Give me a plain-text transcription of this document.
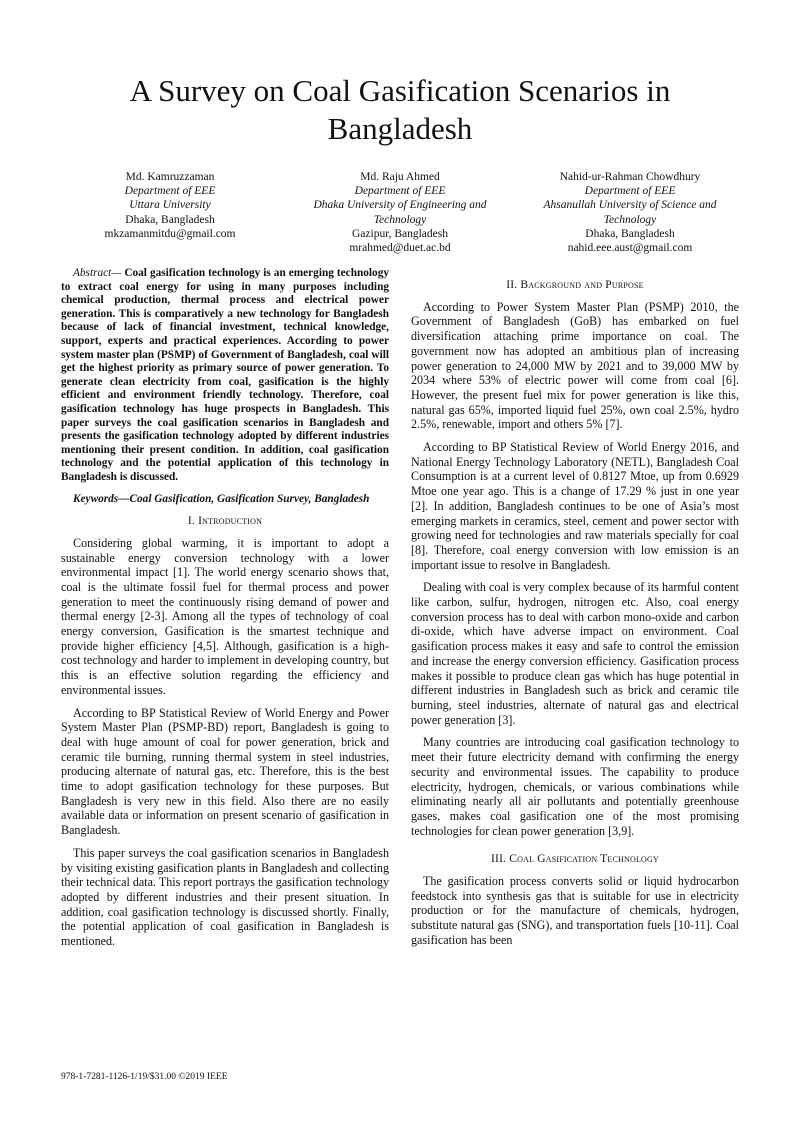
A Survey on Coal Gasification Scenarios in Bangladesh
Md. Kamruzzaman
Department of EEE
Uttara University
Dhaka, Bangladesh
mkzamanmitdu@gmail.com
Md. Raju Ahmed
Department of EEE
Dhaka University of Engineering and Technology
Gazipur, Bangladesh
mrahmed@duet.ac.bd
Nahid-ur-Rahman Chowdhury
Department of EEE
Ahsanullah University of Science and Technology
Dhaka, Bangladesh
nahid.eee.aust@gmail.com

Abstract— Coal gasification technology is an emerging technology to extract coal energy for using in many purposes including chemical production, thermal process and electrical power generation. This is comparatively a new technology for Bangladesh because of lack of financial investment, technical knowledge, support, experts and practical experiences. According to power system master plan (PSMP) of Government of Bangladesh, coal will get the highest priority as primary source of power generation. To generate clean electricity from coal, gasification is the highly efficient and environment friendly technology. Therefore, coal gasification technology has huge prospects in Bangladesh. This paper surveys the coal gasification scenarios in Bangladesh and presents the gasification technology adopted by different industries mentioning their present condition. In addition, coal gasification technology and the potential application of this technology in Bangladesh is discussed.

Keywords—Coal Gasification, Gasification Survey, Bangladesh

I. Introduction

Considering global warming, it is important to adopt a sustainable energy conversion technology with a lower environmental impact [1]. The world energy scenario shows that, coal is the ultimate fossil fuel for thermal process and power generation to meet the continuously rising demand of power and thermal energy [2-3]. Among all the types of technology of coal energy conversion, Gasification is the smartest technique and provide higher efficiency [4,5]. Although, gasification is a high-cost technology and harder to implement in developing country, but this is an effective solution regarding the efficiency and environmental issues.

According to BP Statistical Review of World Energy and Power System Master Plan (PSMP-BD) report, Bangladesh is going to deal with huge amount of coal for power generation, brick and ceramic tile burning, running thermal system in steel industries, producing alternate of natural gas, etc. Therefore, this is the best time to adopt gasification technology for these purposes. But Bangladesh is very new in this field. Also there are no easily available data or information on present scenario of gasification in Bangladesh.

This paper surveys the coal gasification scenarios in Bangladesh by visiting existing gasification plants in Bangladesh and collecting their technical data. This report portrays the gasification technology adopted by different industries and their present situation. In addition, coal gasification technology is discussed shortly. Finally, the potential application of coal gasification in Bangladesh is mentioned.

II. Background and Purpose

According to Power System Master Plan (PSMP) 2010, the Government of Bangladesh (GoB) has embarked on fuel diversification attaching prime importance on coal. The government now has adopted an ambitious plan of increasing power generation to 24,000 MW by 2021 and to 39,000 MW by 2034 where 53% of electric power will come from coal [6]. However, the present fuel mix for power generation is like this, natural gas 65%, imported liquid fuel 25%, own coal 2.5%, hydro 2.5%, renewable, import and others 5% [7].

According to BP Statistical Review of World Energy 2016, and National Energy Technology Laboratory (NETL), Bangladesh Coal Consumption is at a current level of 0.8127 Mtoe, up from 0.6929 Mtoe one year ago. This is a change of 17.29 % just in one year [2]. In addition, Bangladesh continues to be one of Asia’s most emerging markets in ceramics, steel, cement and power sector with growing need for technologies and raw materials specially for coal [8]. Therefore, coal energy conversion with low emission is an important issue to resolve in Bangladesh.

Dealing with coal is very complex because of its harmful content like carbon, sulfur, hydrogen, nitrogen etc. Also, coal energy conversion process has to deal with carbon mono-oxide and carbon di-oxide, which have adverse impact on environment. Coal gasification process makes it easy and safe to control the emission and increase the energy conversion efficiency. Gasification process makes it possible to produce clean gas which has huge potential in different industries in Bangladesh such as brick and ceramic tile burning, steel industries, alternate of natural gas and electrical power generation [3].

Many countries are introducing coal gasification technology to meet their future electricity demand with confirming the energy security and environmental issues. The capability to produce electricity, hydrogen, chemicals, or various combinations while eliminating nearly all air pollutants and potentially greenhouse gases, makes coal gasification one of the most promising technologies for clean power generation [3,9].

III. Coal Gasification Technology

The gasification process converts solid or liquid hydrocarbon feedstock into synthesis gas that is suitable for use in electricity production or for the manufacture of chemicals, hydrogen, substitute natural gas (SNG), and transportation fuels [10-11]. Coal gasification has been

978-1-7281-1126-1/19/$31.00 ©2019 IEEE
